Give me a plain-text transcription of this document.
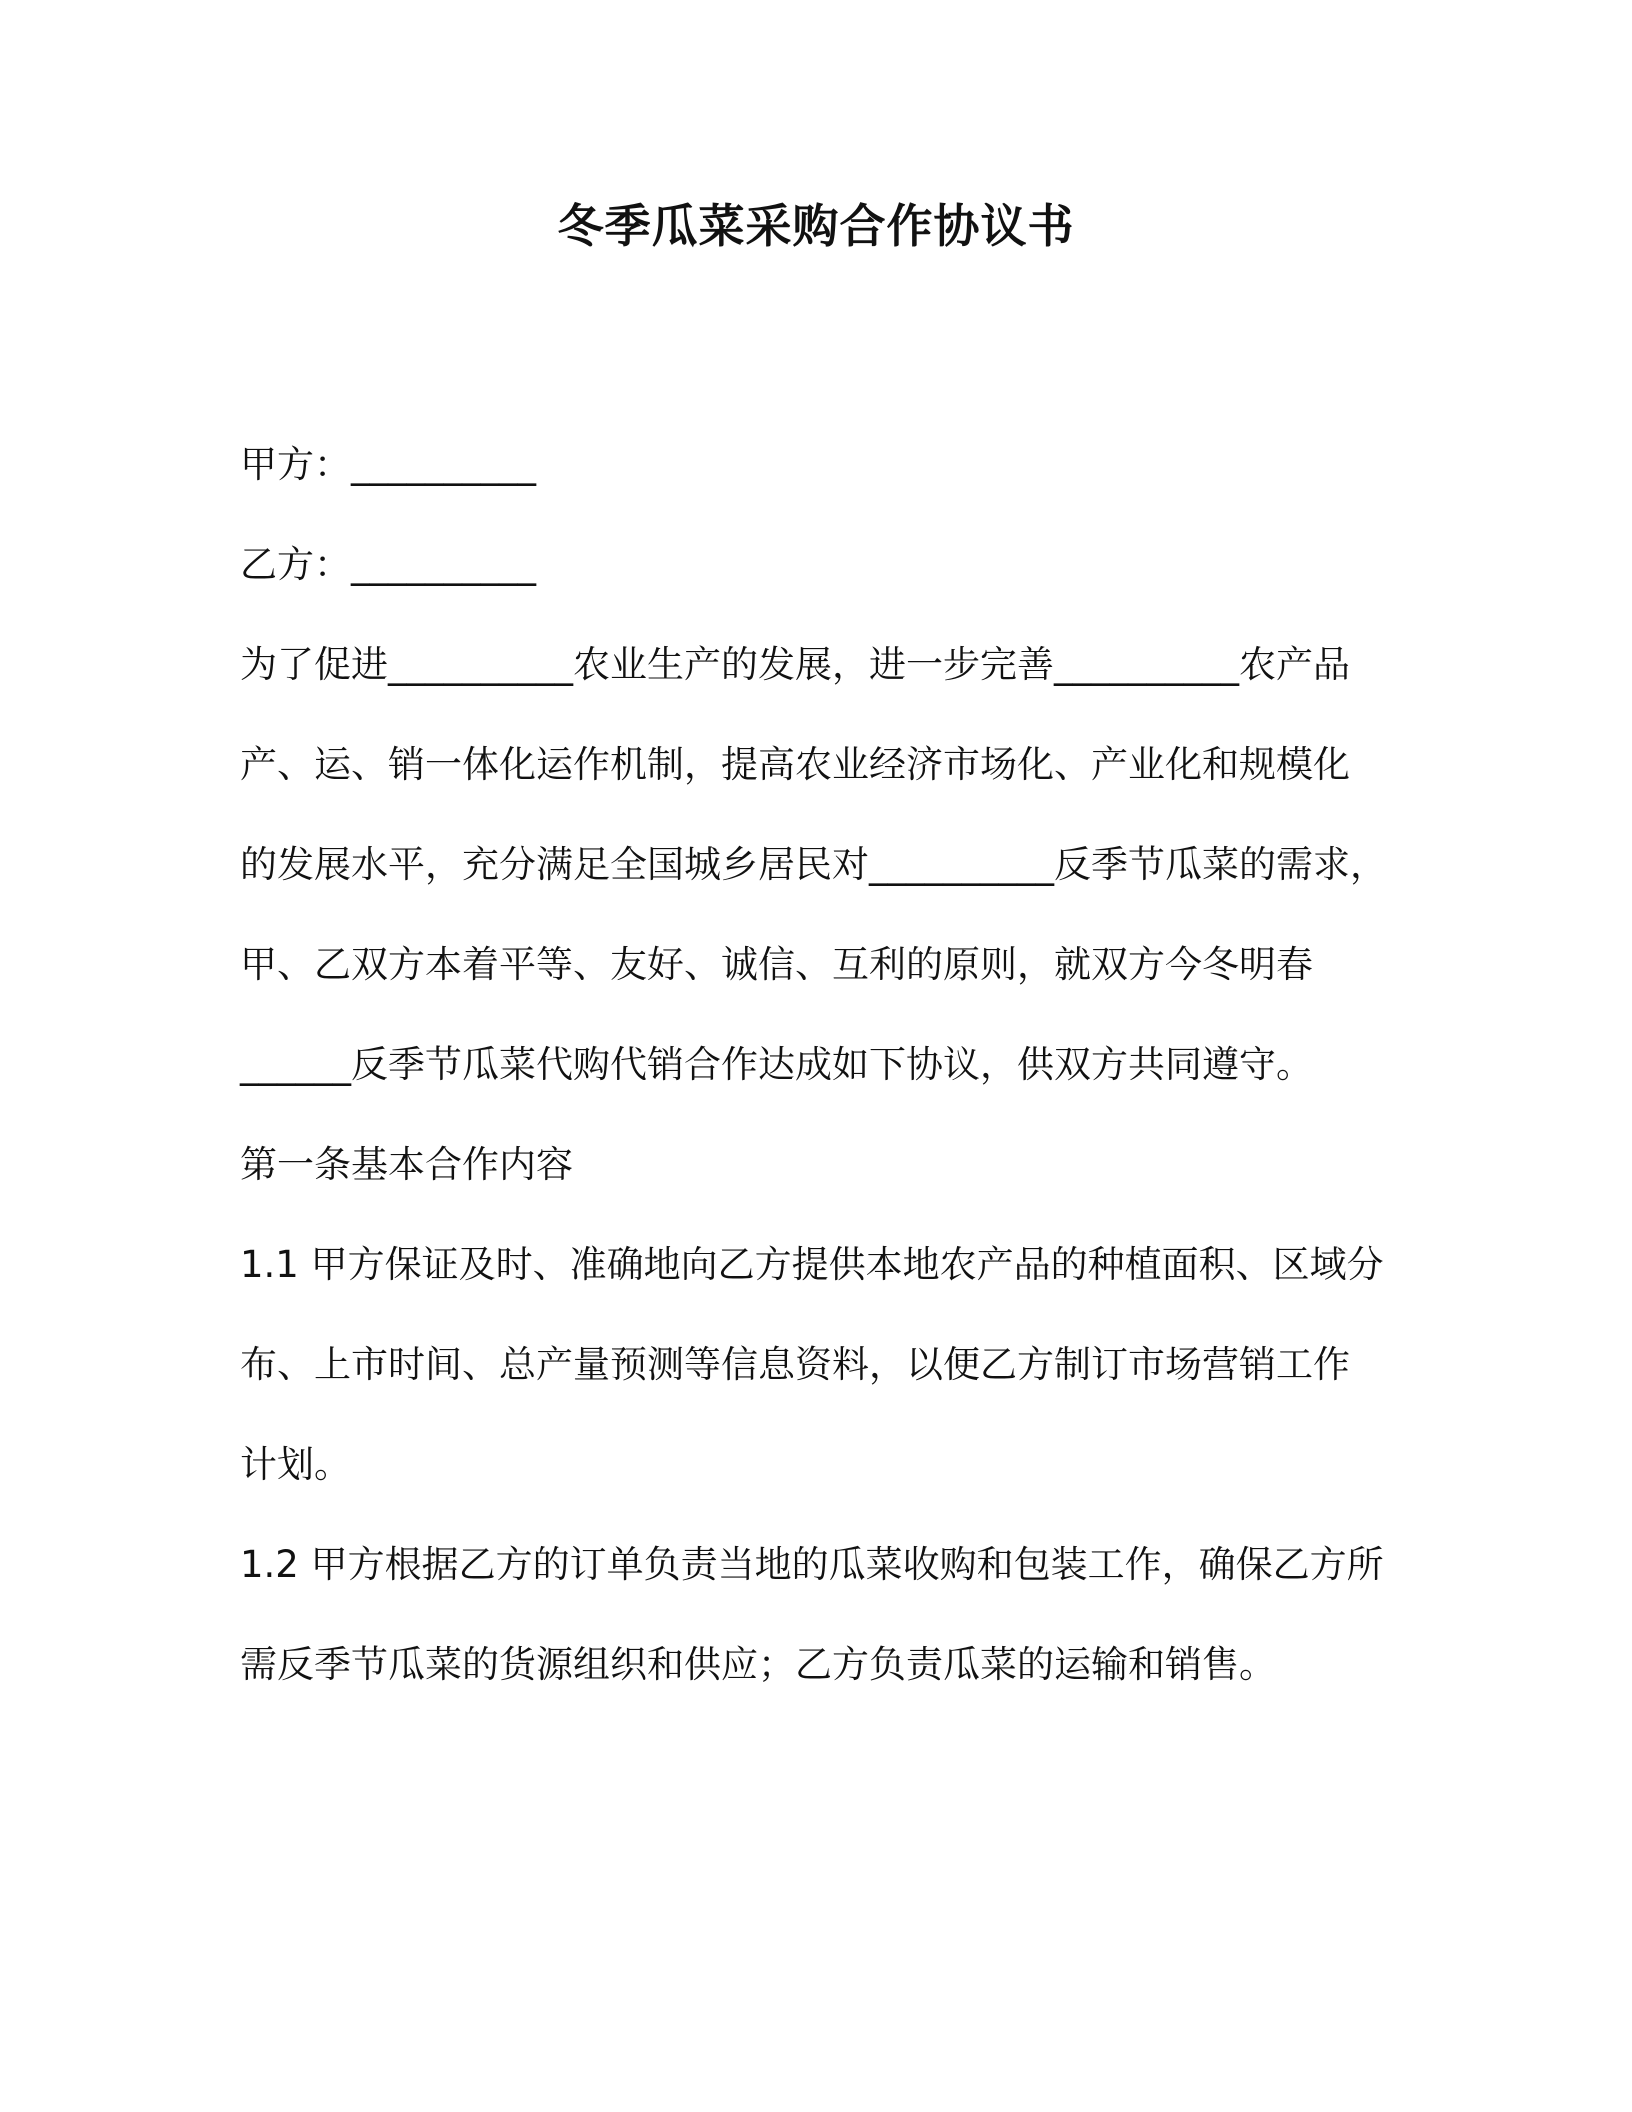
冬季瓜菜采购合作协议书

甲方：__________

乙方：__________

为了促进__________农业生产的发展，进一步完善__________农产品

产、运、销一体化运作机制，提高农业经济市场化、产业化和规模化

的发展水平，充分满足全国城乡居民对__________反季节瓜菜的需求，

甲、乙双方本着平等、友好、诚信、互利的原则，就双方今冬明春

______反季节瓜菜代购代销合作达成如下协议，供双方共同遵守。

第一条基本合作内容

1.1 甲方保证及时、准确地向乙方提供本地农产品的种植面积、区域分

布、上市时间、总产量预测等信息资料，以便乙方制订市场营销工作

计划。

1.2 甲方根据乙方的订单负责当地的瓜菜收购和包装工作，确保乙方所

需反季节瓜菜的货源组织和供应；乙方负责瓜菜的运输和销售。
